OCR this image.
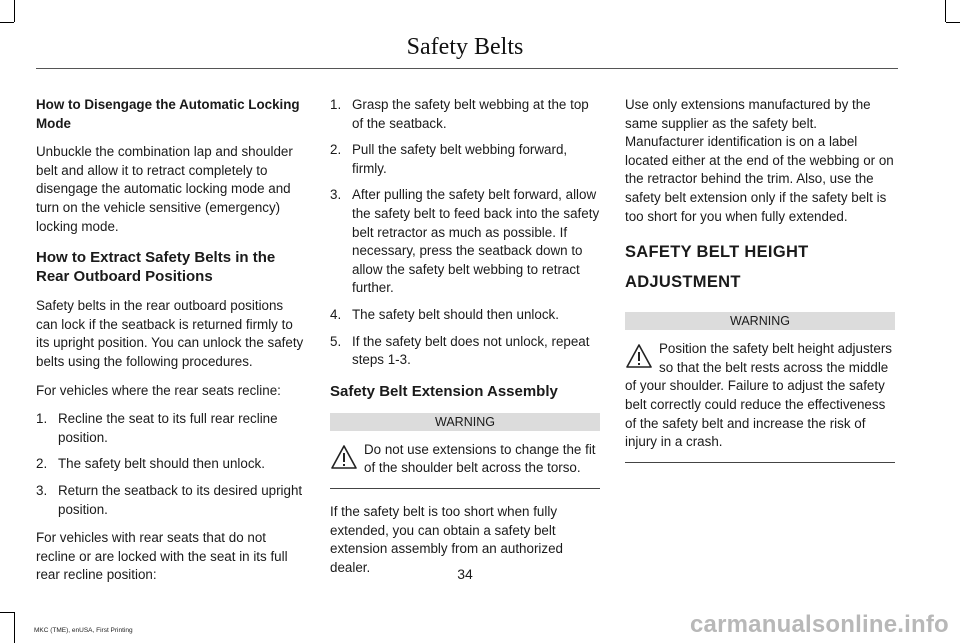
Safety Belts
How to Disengage the Automatic Locking Mode

Unbuckle the combination lap and shoulder belt and allow it to retract completely to disengage the automatic locking mode and turn on the vehicle sensitive (emergency) locking mode.

How to Extract Safety Belts in the Rear Outboard Positions

Safety belts in the rear outboard positions can lock if the seatback is returned firmly to its upright position. You can unlock the safety belts using the following procedures.

For vehicles where the rear seats recline:

1. Recline the seat to its full rear recline position.
2. The safety belt should then unlock.
3. Return the seatback to its desired upright position.

For vehicles with rear seats that do not recline or are locked with the seat in its full rear recline position:

1. Grasp the safety belt webbing at the top of the seatback.
2. Pull the safety belt webbing forward, firmly.
3. After pulling the safety belt forward, allow the safety belt to feed back into the safety belt retractor as much as possible. If necessary, press the seatback down to allow the safety belt webbing to retract further.
4. The safety belt should then unlock.
5. If the safety belt does not unlock, repeat steps 1-3.
Safety Belt Extension Assembly
WARNING
Do not use extensions to change the fit of the shoulder belt across the torso.

If the safety belt is too short when fully extended, you can obtain a safety belt extension assembly from an authorized dealer.

Use only extensions manufactured by the same supplier as the safety belt. Manufacturer identification is on a label located either at the end of the webbing or on the retractor behind the trim. Also, use the safety belt extension only if the safety belt is too short for you when fully extended.

SAFETY BELT HEIGHT
ADJUSTMENT
WARNING
Position the safety belt height adjusters so that the belt rests across the middle of your shoulder. Failure to adjust the safety belt correctly could reduce the effectiveness of the safety belt and increase the risk of injury in a crash.
34
MKC (TME), enUSA, First Printing	carmanualsonline.info
